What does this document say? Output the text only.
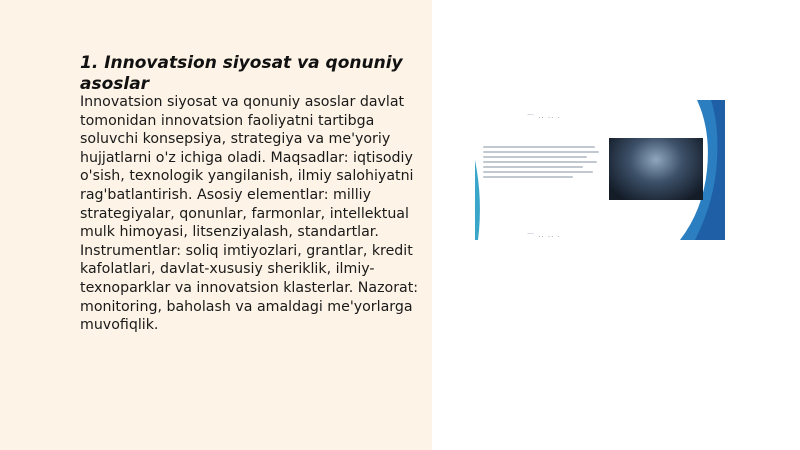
1. Innovatsion siyosat va qonuniy asoslar

Innovatsion siyosat va qonuniy asoslar davlat tomonidan innovatsion faoliyatni tartibga soluvchi konsepsiya, strategiya va me'yoriy hujjatlarni o'z ichiga oladi. Maqsadlar: iqtisodiy o'sish, texnologik yangilanish, ilmiy salohiyatni rag'batlantirish. Asosiy elementlar: milliy strategiyalar, qonunlar, farmonlar, intellektual mulk himoyasi, litsenziyalash, standartlar. Instrumentlar: soliq imtiyozlari, grantlar, kredit kafolatlari, davlat-xususiy sheriklik, ilmiy-texnoparklar va innovatsion klasterlar. Nazorat: monitoring, baholash va amaldagi me'yorlarga muvofiqlik.

⌒ ·· ·· ·
⌒ ·· ·· ·
